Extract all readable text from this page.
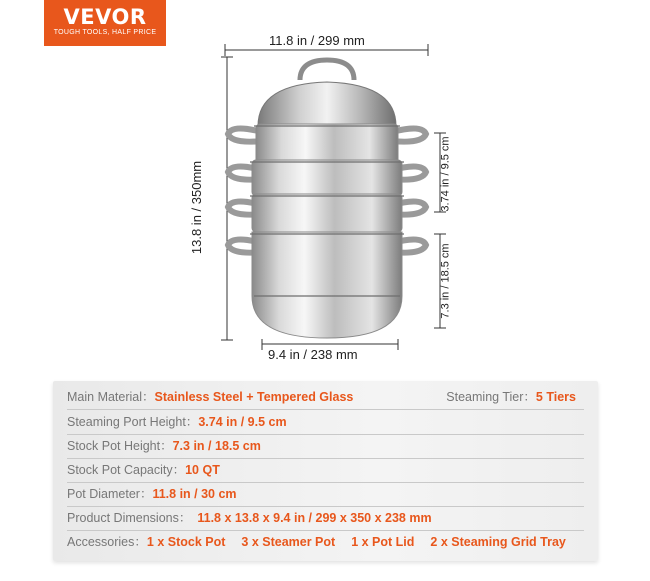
VEVOR
TOUGH TOOLS, HALF PRICE
11.8 in / 299 mm
9.4 in / 238 mm
13.8 in / 350mm	3.74 in / 9.5 cm
7.3 in / 18.5 cm
Main Material：Stainless Steel + Tempered Glass	Steaming Tier：5 Tiers
Steaming Port Height：3.74 in / 9.5 cm
Stock Pot Height：7.3 in / 18.5 cm
Stock Pot Capacity：10 QT
Pot Diameter：11.8 in / 30 cm
Product Dimensions： 11.8 x 13.8 x 9.4 in / 299 x 350 x 238 mm
Accessories：1 x Stock Pot 3 x Steamer Pot 1 x Pot Lid 2 x Steaming Grid Tray
